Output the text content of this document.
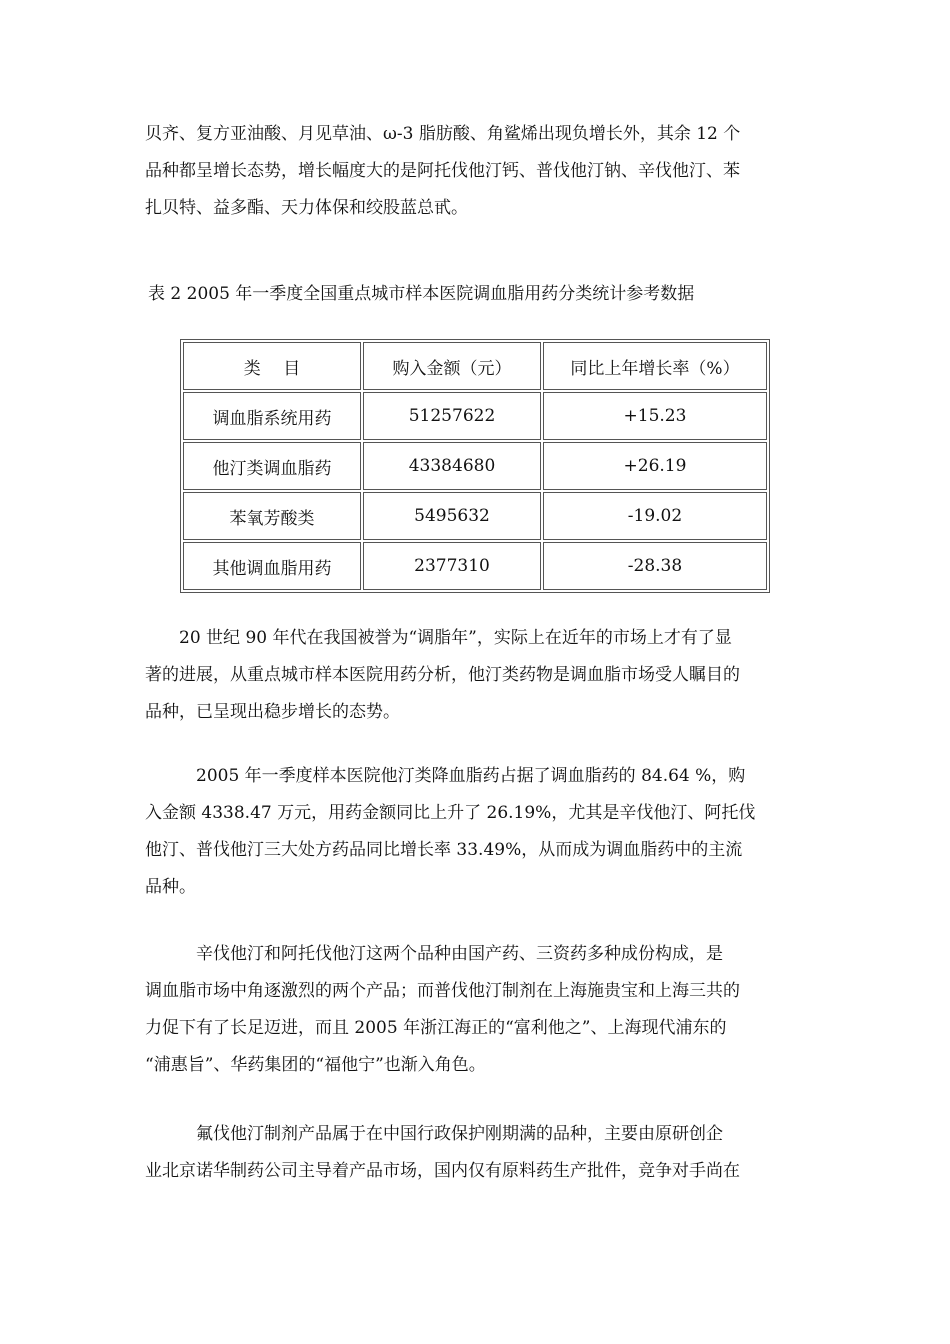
贝齐、复方亚油酸、月见草油、ω-3 脂肪酸、角鲨烯出现负增长外，其余 12 个
品种都呈增长态势，增长幅度大的是阿托伐他汀钙、普伐他汀钠、辛伐他汀、苯
扎贝特、益多酯、天力体保和绞股蓝总甙。

表 2 2005 年一季度全国重点城市样本医院调血脂用药分类统计参考数据
类　 目	购入金额（元）	同比上年增长率（%）
调血脂系统用药	51257622	+15.23
他汀类调血脂药	43384680	+26.19
苯氧芳酸类	5495632	-19.02
其他调血脂用药	2377310	-28.38

　　20 世纪 90 年代在我国被誉为“调脂年”，实际上在近年的市场上才有了显
著的进展，从重点城市样本医院用药分析，他汀类药物是调血脂市场受人瞩目的
品种，已呈现出稳步增长的态势。

　　　2005 年一季度样本医院他汀类降血脂药占据了调血脂药的 84.64 %，购
入金额 4338.47 万元，用药金额同比上升了 26.19%，尤其是辛伐他汀、阿托伐
他汀、普伐他汀三大处方药品同比增长率 33.49%，从而成为调血脂药中的主流
品种。

　　　辛伐他汀和阿托伐他汀这两个品种由国产药、三资药多种成份构成，是
调血脂市场中角逐激烈的两个产品；而普伐他汀制剂在上海施贵宝和上海三共的
力促下有了长足迈进，而且 2005 年浙江海正的“富利他之”、上海现代浦东的
“浦惠旨”、华药集团的“福他宁”也渐入角色。

　　　氟伐他汀制剂产品属于在中国行政保护刚期满的品种，主要由原研创企
业北京诺华制药公司主导着产品市场，国内仅有原料药生产批件，竞争对手尚在
